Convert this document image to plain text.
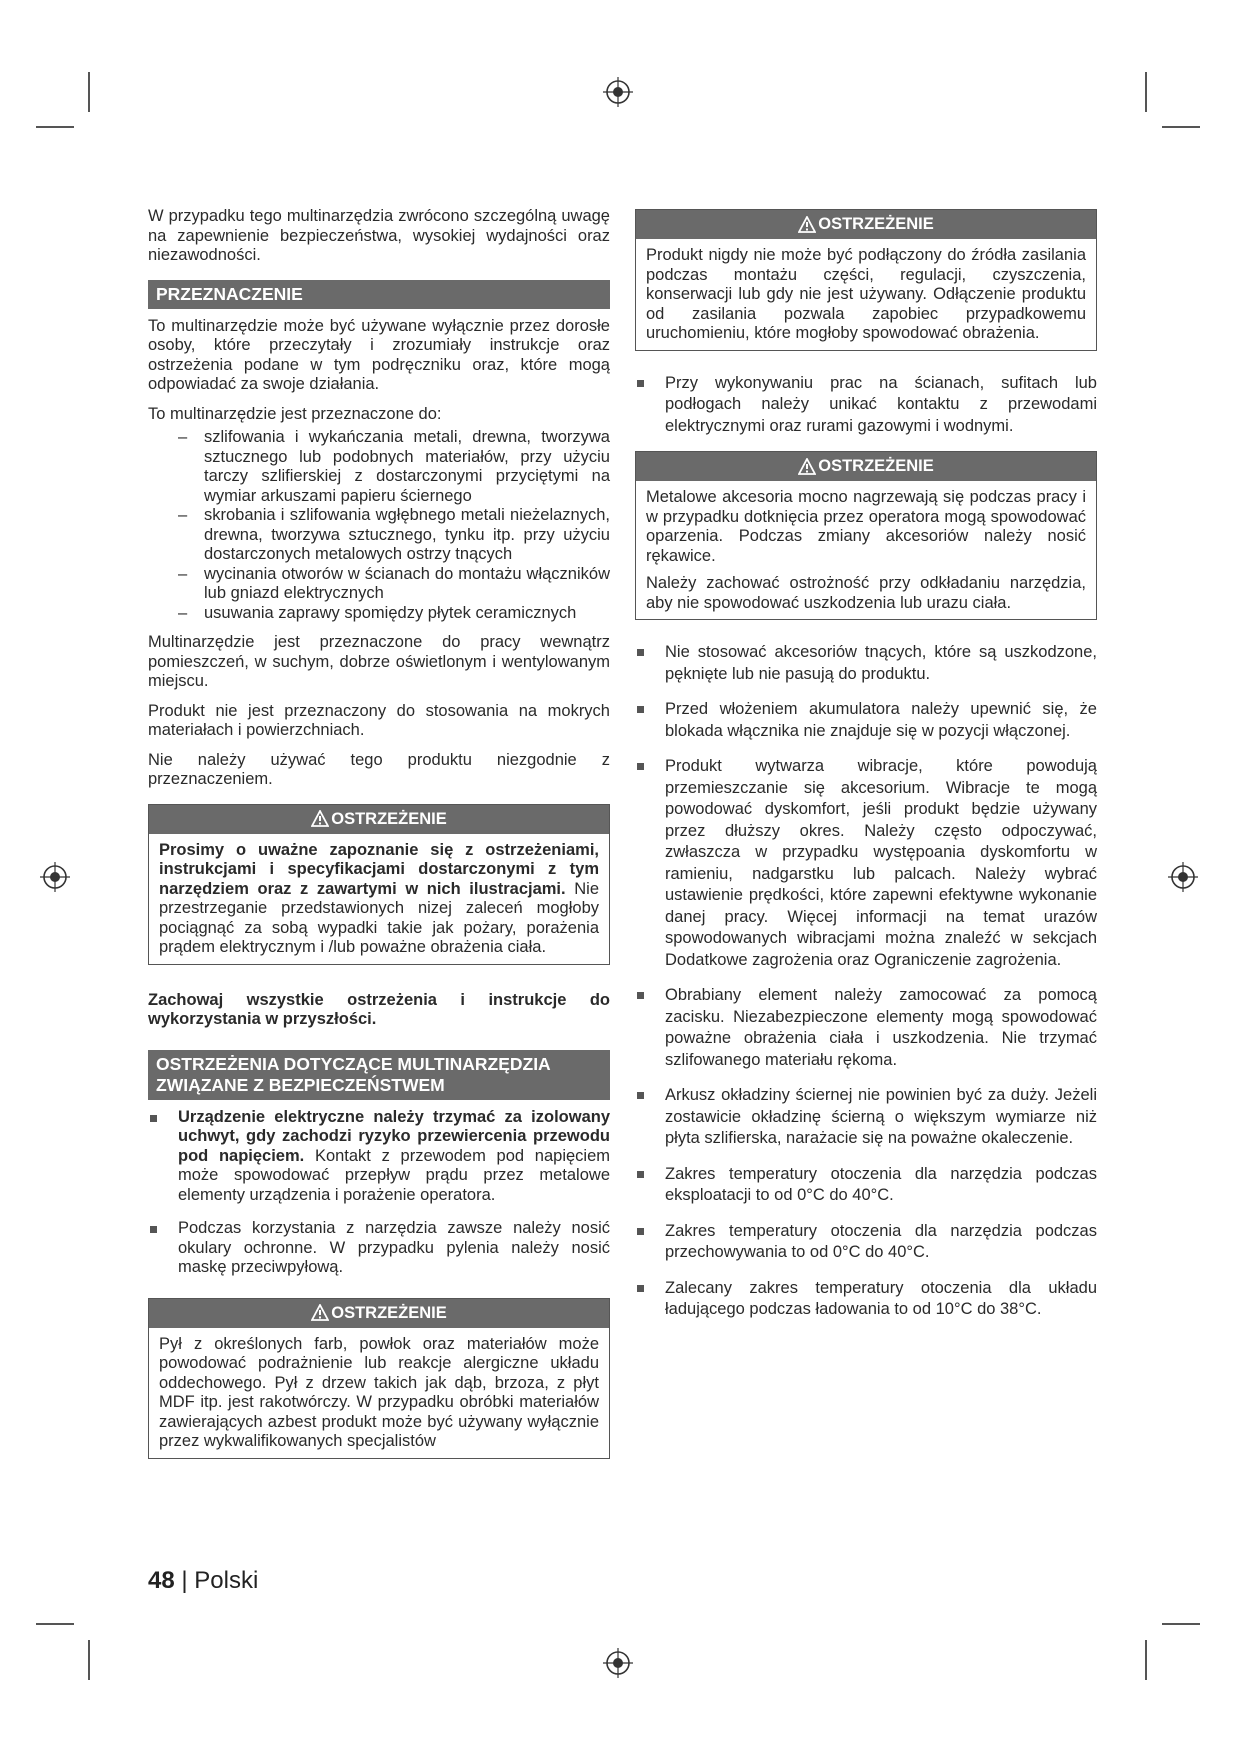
W przypadku tego multinarzędzia zwrócono szczególną uwagę na zapewnienie bezpieczeństwa, wysokiej wydajności oraz niezawodności.

PRZEZNACZENIE

To multinarzędzie może być używane wyłącznie przez dorosłe osoby, które przeczytały i zrozumiały instrukcje oraz ostrzeżenia podane w tym podręczniku oraz, które mogą odpowiadać za swoje działania.

To multinarzędzie jest przeznaczone do:

– szlifowania i wykańczania metali, drewna, tworzywa sztucznego lub podobnych materiałów, przy użyciu tarczy szlifierskiej z dostarczonymi przyciętymi na wymiar arkuszami papieru ściernego
– skrobania i szlifowania wgłębnego metali nieżelaznych, drewna, tworzywa sztucznego, tynku itp. przy użyciu dostarczonych metalowych ostrzy tnących
– wycinania otworów w ścianach do montażu włączników lub gniazd elektrycznych
– usuwania zaprawy spomiędzy płytek ceramicznych

Multinarzędzie jest przeznaczone do pracy wewnątrz pomieszczeń, w suchym, dobrze oświetlonym i wentylowanym miejscu.

Produkt nie jest przeznaczony do stosowania na mokrych materiałach i powierzchniach.

Nie należy używać tego produktu niezgodnie z przeznaczeniem.

OSTRZEŻENIE

Prosimy o uważne zapoznanie się z ostrzeżeniami, instrukcjami i specyfikacjami dostarczonymi z tym narzędziem oraz z zawartymi w nich ilustracjami. Nie przestrzeganie przedstawionych nizej zaleceń mogłoby pociągnąć za sobą wypadki takie jak pożary, porażenia prądem elektrycznym i /lub poważne obrażenia ciała.

Zachowaj wszystkie ostrzeżenia i instrukcje do wykorzystania w przyszłości.

OSTRZEŻENIA DOTYCZĄCE MULTINARZĘDZIA ZWIĄZANE Z BEZPIECZEŃSTWEM
Urządzenie elektryczne należy trzymać za izolowany uchwyt, gdy zachodzi ryzyko przewiercenia przewodu pod napięciem. Kontakt z przewodem pod napięciem może spowodować przepływ prądu przez metalowe elementy urządzenia i porażenie operatora.
Podczas korzystania z narzędzia zawsze należy nosić okulary ochronne. W przypadku pylenia należy nosić maskę przeciwpyłową.
OSTRZEŻENIE

Pył z określonych farb, powłok oraz materiałów może powodować podrażnienie lub reakcje alergiczne układu oddechowego. Pył z drzew takich jak dąb, brzoza, z płyt MDF itp. jest rakotwórczy. W przypadku obróbki materiałów zawierających azbest produkt może być używany wyłącznie przez wykwalifikowanych specjalistów

OSTRZEŻENIE

Produkt nigdy nie może być podłączony do źródła zasilania podczas montażu części, regulacji, czyszczenia, konserwacji lub gdy nie jest używany. Odłączenie produktu od zasilania pozwala zapobiec przypadkowemu uruchomieniu, które mogłoby spowodować obrażenia.

Przy wykonywaniu prac na ścianach, sufitach lub podłogach należy unikać kontaktu z przewodami elektrycznymi oraz rurami gazowymi i wodnymi.
OSTRZEŻENIE

Metalowe akcesoria mocno nagrzewają się podczas pracy i w przypadku dotknięcia przez operatora mogą spowodować oparzenia. Podczas zmiany akcesoriów należy nosić rękawice.

Należy zachować ostrożność przy odkładaniu narzędzia, aby nie spowodować uszkodzenia lub urazu ciała.

Nie stosować akcesoriów tnących, które są uszkodzone, pęknięte lub nie pasują do produktu.
Przed włożeniem akumulatora należy upewnić się, że blokada włącznika nie znajduje się w pozycji włączonej.
Produkt wytwarza wibracje, które powodują przemieszczanie się akcesorium. Wibracje te mogą powodować dyskomfort, jeśli produkt będzie używany przez dłuższy okres. Należy często odpoczywać, zwłaszcza w przypadku występoania dyskomfortu w ramieniu, nadgarstku lub palcach. Należy wybrać ustawienie prędkości, które zapewni efektywne wykonanie danej pracy. Więcej informacji na temat urazów spowodowanych wibracjami można znaleźć w sekcjach Dodatkowe zagrożenia oraz Ograniczenie zagrożenia.
Obrabiany element należy zamocować za pomocą zacisku. Niezabezpieczone elementy mogą spowodować poważne obrażenia ciała i uszkodzenia. Nie trzymać szlifowanego materiału rękoma.
Arkusz okładziny ściernej nie powinien być za duży. Jeżeli zostawicie okładzinę ścierną o większym wymiarze niż płyta szlifierska, narażacie się na poważne okaleczenie.
Zakres temperatury otoczenia dla narzędzia podczas eksploatacji to od 0°C do 40°C.
Zakres temperatury otoczenia dla narzędzia podczas przechowywania to od 0°C do 40°C.
Zalecany zakres temperatury otoczenia dla układu ładującego podczas ładowania to od 10°C do 38°C.
48 | Polski
